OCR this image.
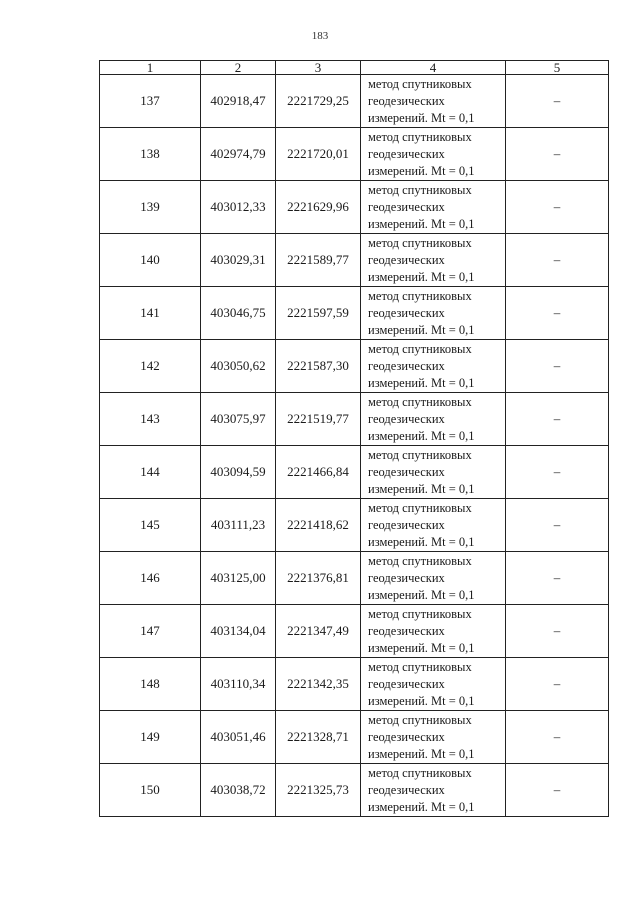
183
1	2	3	4	5
137	402918,47	2221729,25	метод спутниковых
геодезических
измерений. Mt = 0,1	–
138	402974,79	2221720,01	метод спутниковых
геодезических
измерений. Mt = 0,1	–
139	403012,33	2221629,96	метод спутниковых
геодезических
измерений. Mt = 0,1	–
140	403029,31	2221589,77	метод спутниковых
геодезических
измерений. Mt = 0,1	–
141	403046,75	2221597,59	метод спутниковых
геодезических
измерений. Mt = 0,1	–
142	403050,62	2221587,30	метод спутниковых
геодезических
измерений. Mt = 0,1	–
143	403075,97	2221519,77	метод спутниковых
геодезических
измерений. Mt = 0,1	–
144	403094,59	2221466,84	метод спутниковых
геодезических
измерений. Mt = 0,1	–
145	403111,23	2221418,62	метод спутниковых
геодезических
измерений. Mt = 0,1	–
146	403125,00	2221376,81	метод спутниковых
геодезических
измерений. Mt = 0,1	–
147	403134,04	2221347,49	метод спутниковых
геодезических
измерений. Mt = 0,1	–
148	403110,34	2221342,35	метод спутниковых
геодезических
измерений. Mt = 0,1	–
149	403051,46	2221328,71	метод спутниковых
геодезических
измерений. Mt = 0,1	–
150	403038,72	2221325,73	метод спутниковых
геодезических
измерений. Mt = 0,1	–
